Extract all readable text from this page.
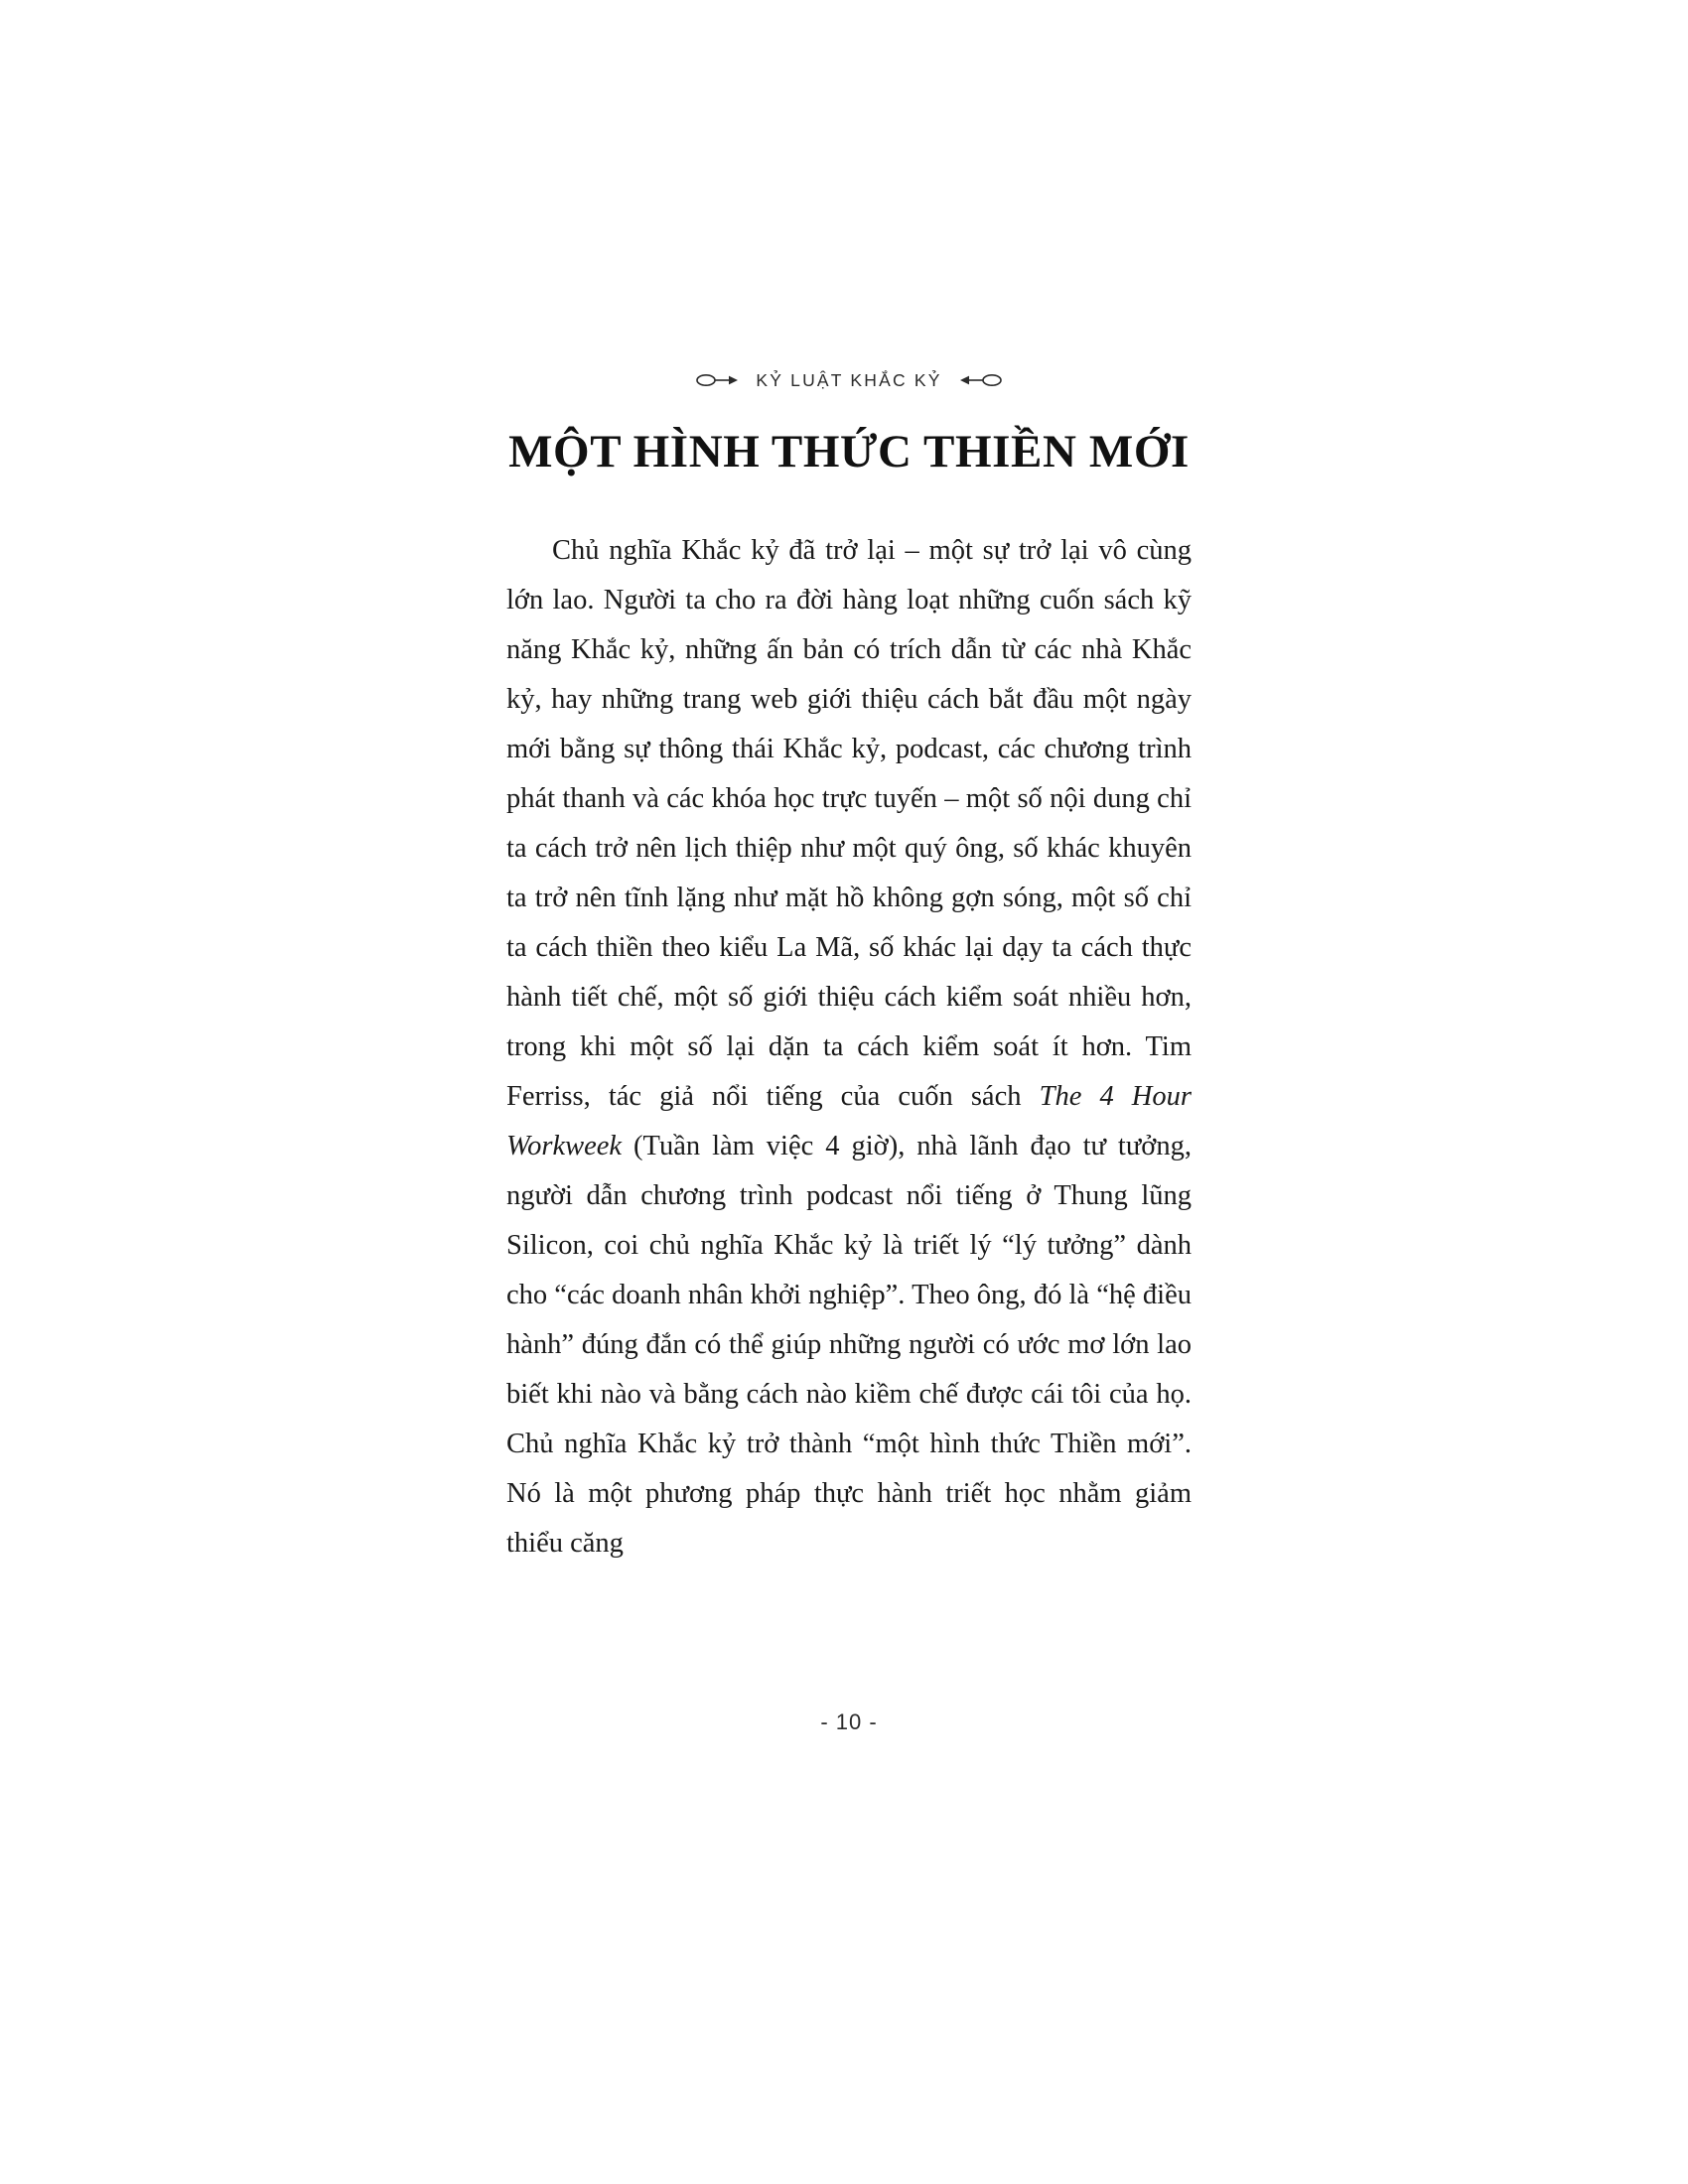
KỶ LUẬT KHẮC KỶ
MỘT HÌNH THỨC THIỀN MỚI

Chủ nghĩa Khắc kỷ đã trở lại – một sự trở lại vô cùng lớn lao. Người ta cho ra đời hàng loạt những cuốn sách kỹ năng Khắc kỷ, những ấn bản có trích dẫn từ các nhà Khắc kỷ, hay những trang web giới thiệu cách bắt đầu một ngày mới bằng sự thông thái Khắc kỷ, podcast, các chương trình phát thanh và các khóa học trực tuyến – một số nội dung chỉ ta cách trở nên lịch thiệp như một quý ông, số khác khuyên ta trở nên tĩnh lặng như mặt hồ không gợn sóng, một số chỉ ta cách thiền theo kiểu La Mã, số khác lại dạy ta cách thực hành tiết chế, một số giới thiệu cách kiểm soát nhiều hơn, trong khi một số lại dặn ta cách kiểm soát ít hơn. Tim Ferriss, tác giả nổi tiếng của cuốn sách The 4 Hour Workweek (Tuần làm việc 4 giờ), nhà lãnh đạo tư tưởng, người dẫn chương trình podcast nổi tiếng ở Thung lũng Silicon, coi chủ nghĩa Khắc kỷ là triết lý “lý tưởng” dành cho “các doanh nhân khởi nghiệp”. Theo ông, đó là “hệ điều hành” đúng đắn có thể giúp những người có ước mơ lớn lao biết khi nào và bằng cách nào kiềm chế được cái tôi của họ. Chủ nghĩa Khắc kỷ trở thành “một hình thức Thiền mới”. Nó là một phương pháp thực hành triết học nhằm giảm thiểu căng

- 10 -
